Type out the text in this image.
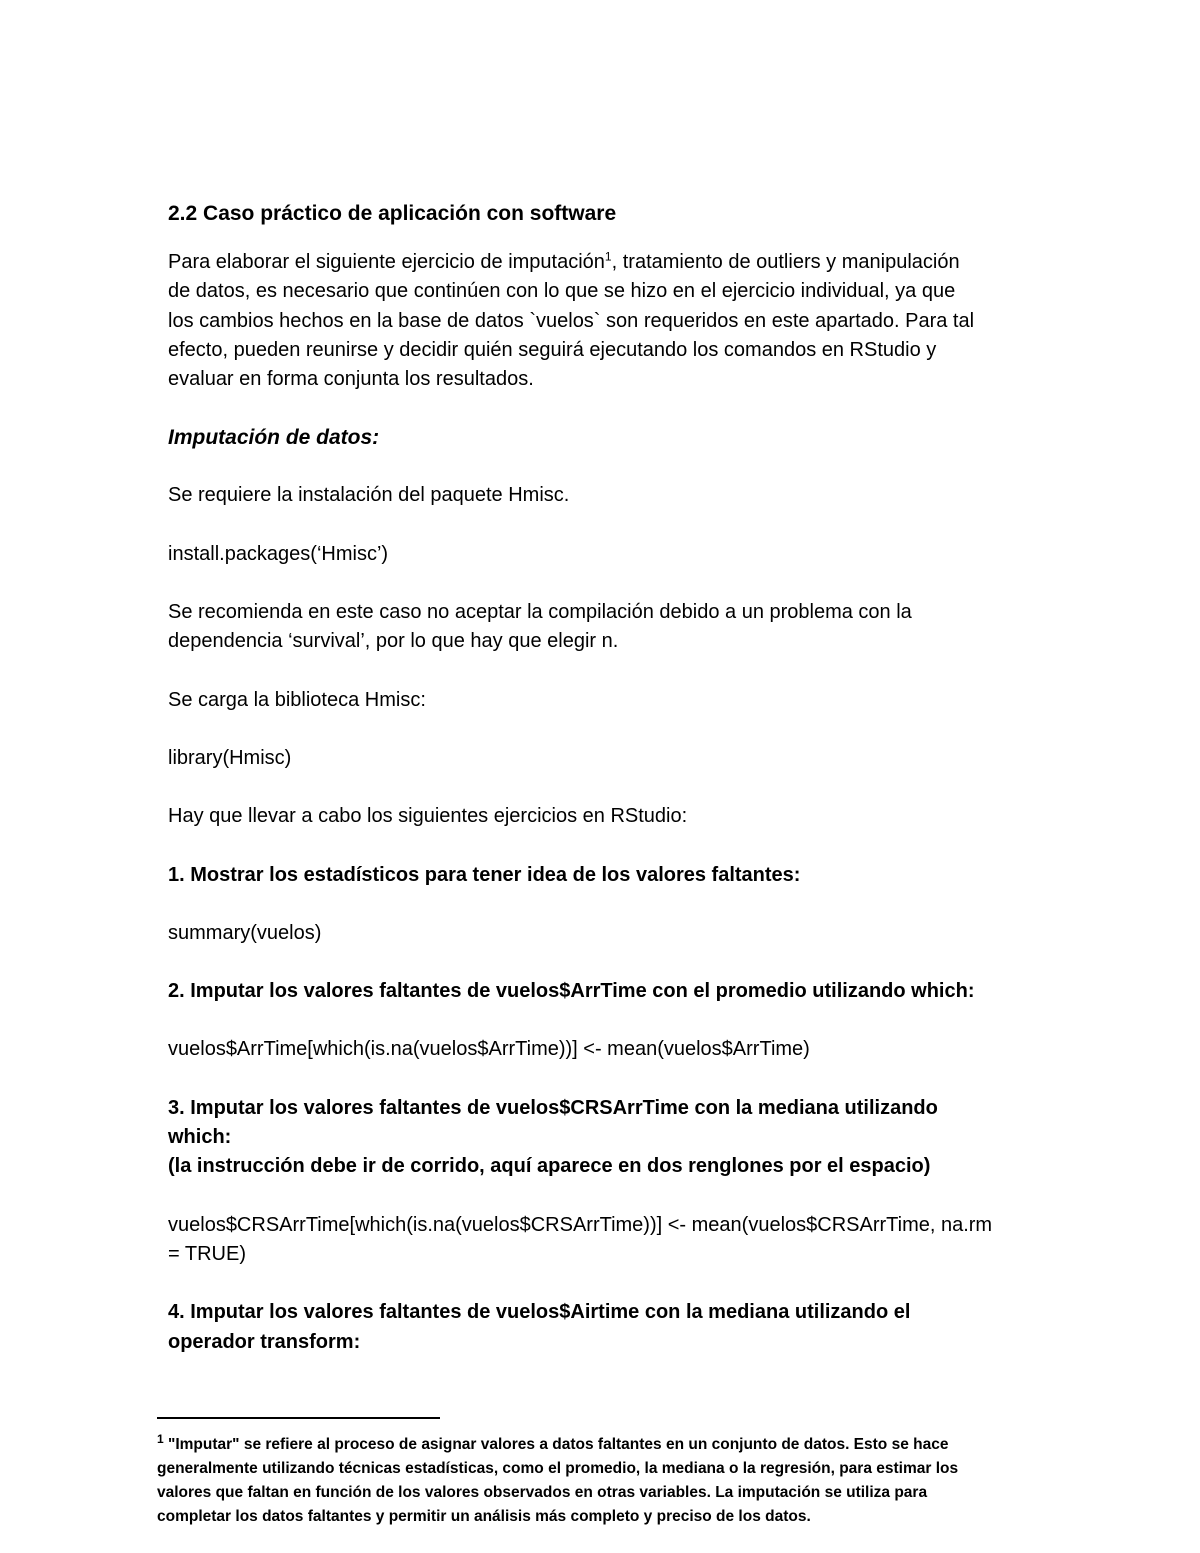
2.2 Caso práctico de aplicación con software

Para elaborar el siguiente ejercicio de imputación$^1$, tratamiento de outliers y manipulación

de datos, es necesario que continúen con lo que se hizo en el ejercicio individual, ya que

los cambios hechos en la base de datos `vuelos` son requeridos en este apartado. Para tal

efecto, pueden reunirse y decidir quién seguirá ejecutando los comandos en RStudio y

evaluar en forma conjunta los resultados.

Imputación de datos:

Se requiere la instalación del paquete Hmisc.

install.packages(‘Hmisc’)

Se recomienda en este caso no aceptar la compilación debido a un problema con la

dependencia ‘survival’, por lo que hay que elegir n.

Se carga la biblioteca Hmisc:

library(Hmisc)

Hay que llevar a cabo los siguientes ejercicios en RStudio:

1. Mostrar los estadísticos para tener idea de los valores faltantes:

summary(vuelos)

2. Imputar los valores faltantes de vuelos$ArrTime con el promedio utilizando which:

vuelos$ArrTime[which(is.na(vuelos$ArrTime))] <- mean(vuelos$ArrTime)

3. Imputar los valores faltantes de vuelos$CRSArrTime con la mediana utilizando

which:

(la instrucción debe ir de corrido, aquí aparece en dos renglones por el espacio)

vuelos$CRSArrTime[which(is.na(vuelos$CRSArrTime))] <- mean(vuelos$CRSArrTime, na.rm

= TRUE)

4. Imputar los valores faltantes de vuelos$Airtime con la mediana utilizando el

operador transform:

$^1$ "Imputar" se refiere al proceso de asignar valores a datos faltantes en un conjunto de datos. Esto se hace

generalmente utilizando técnicas estadísticas, como el promedio, la mediana o la regresión, para estimar los

valores que faltan en función de los valores observados en otras variables. La imputación se utiliza para

completar los datos faltantes y permitir un análisis más completo y preciso de los datos.
